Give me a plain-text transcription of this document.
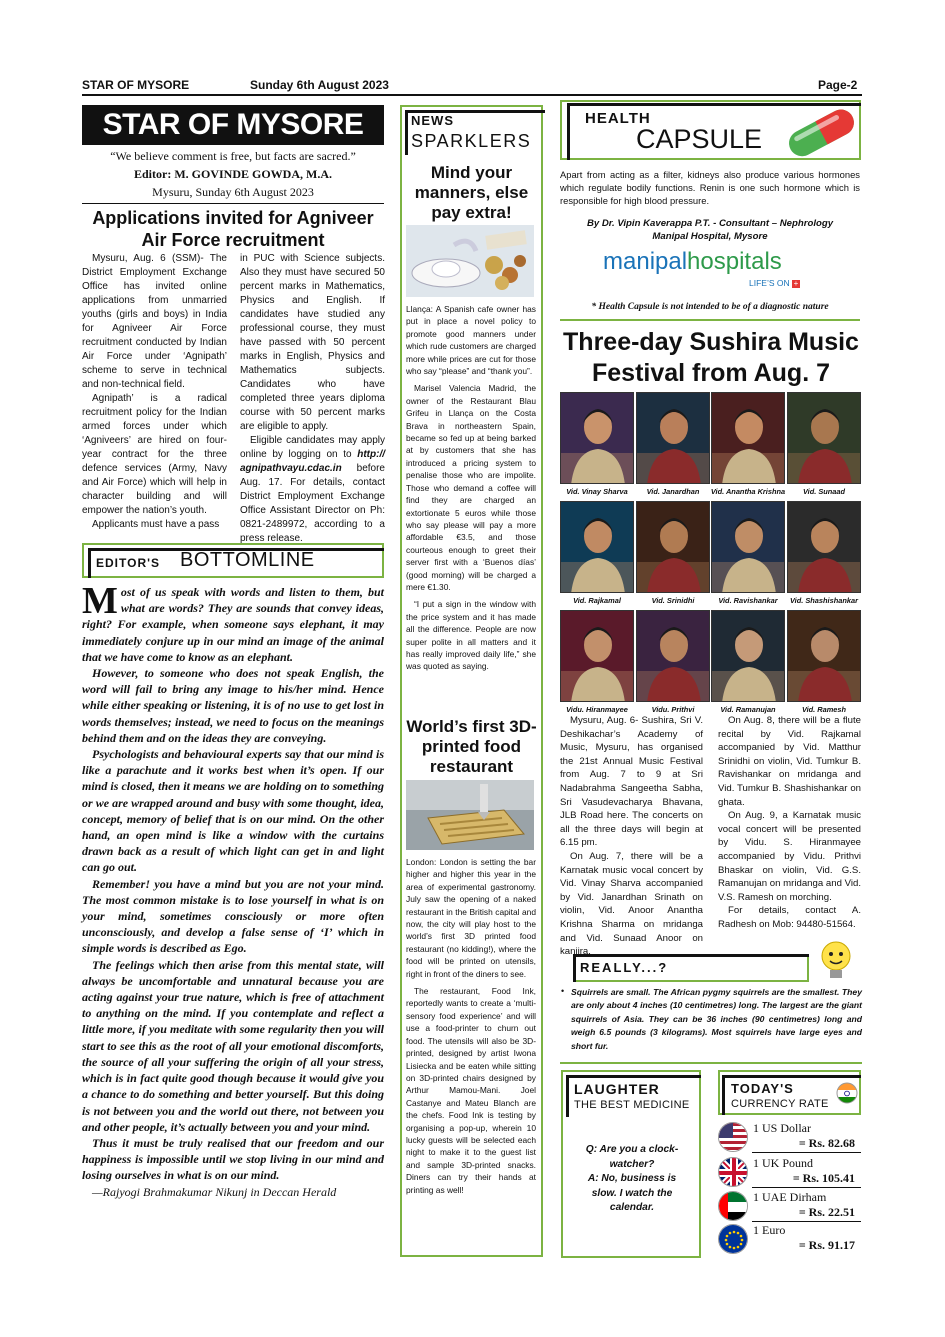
STAR OF MYSORE	Sunday 6th August 2023	Page-2
STAR OF MYSORE
“We believe comment is free, but facts are sacred.”
Editor: M. GOVINDE GOWDA, M.A.
Mysuru, Sunday 6th August 2023
Applications invited for Agniveer Air Force recruitment

Mysuru, Aug. 6 (SSM)- The District Employment Exchange Office has invited online applications from unmarried youths (girls and boys) in India for Agniveer Air Force recruitment conducted by Indian Air Force under ‘Agnipath’ scheme to serve in technical and non-technical field.

Agnipath’ is a radical recruitment policy for the Indian armed forces under which ‘Agniveers’ are hired on four-year contract for the three defence services (Army, Navy and Air Force) which will help in character building and will empower the nation’s youth.

Applicants must have a pass

in PUC with Science subjects. Also they must have secured 50 percent marks in Mathematics, Physics and English. If candidates have studied any professional course, they must have passed with 50 percent marks in English, Physics and Mathematics subjects. Candidates who have completed three years diploma course with 50 percent marks are eligible to apply.

Eligible candidates may apply online by logging on to http:// agnipathvayu.cdac.in before Aug. 17. For details, contact District Employment Exchange Office Assistant Director on Ph: 0821-2489972, according to a press release.

EDITOR'S BOTTOMLINE

Most of us speak with words and listen to them, but what are words? They are sounds that convey ideas, right? For example, when someone says elephant, it may immediately conjure up in our mind an image of the animal that we have come to know as an elephant.

However, to someone who does not speak English, the word will fail to bring any image to his/her mind. Hence while either speaking or listening, it is of no use to get lost in words themselves; instead, we need to focus on the meanings behind them and on the ideas they are conveying.

Psychologists and behavioural experts say that our mind is like a parachute and it works best when it’s open. If our mind is closed, then it means we are holding on to something or we are wrapped around and busy with some thought, idea, concept, memory of belief that is on our mind. On the other hand, an open mind is like a window with the curtains drawn back as a result of which light can get in and light can go out.

Remember! you have a mind but you are not your mind. The most common mistake is to lose yourself in what is on your mind, sometimes consciously or more often unconsciously, and develop a false sense of ‘I’ which in simple words is described as Ego.

The feelings which then arise from this mental state, will always be uncomfortable and unnatural because you are acting against your true nature, which is free of attachment to anything on the mind. If you contemplate and reflect a little more, if you meditate with some regularity then you will start to see this as the root of all your emotional discomforts, the source of all your suffering the origin of all your stress, which is in fact quite good though because it would give you a chance to do something and better yourself. But this doing is not between you and the world out there, not between you and other people, it’s actually between you and your mind.

Thus it must be truly realised that our freedom and our happiness is impossible until we stop living in our mind and losing ourselves in what is on our mind.

—Rajyogi Brahmakumar Nikunj in Deccan Herald

NEWS
SPARKLERS
Mind your manners, else pay extra!

Llança: A Spanish cafe owner has put in place a novel policy to promote good manners under which rude customers are charged more while prices are cut for those who say “please” and “thank you”.

Marisel Valencia Madrid, the owner of the Restaurant Blau Grifeu in Llança on the Costa Brava in northeastern Spain, became so fed up at being barked at by customers that she has introduced a pricing system to penalise those who are impolite. Those who demand a coffee will find they are charged an extortionate 5 euros while those who say please will pay a more affordable €3.5, and those courteous enough to greet their server first with a ‘Buenos días’ (good morning) will be charged a mere €1.30.

“I put a sign in the window with the price system and it has made all the difference. People are now super polite in all matters and it has really improved daily life,” she was quoted as saying.

World’s first 3D-printed food restaurant

London: London is setting the bar higher and higher this year in the area of experimental gastronomy. July saw the opening of a naked restaurant in the British capital and now, the city will play host to the world’s first 3D printed food restaurant (no kidding!), where the food will be printed on utensils, right in front of the diners to see.

The restaurant, Food Ink, reportedly wants to create a ‘multi-sensory food experience’ and will use a food-printer to churn out food. The utensils will also be 3D-printed, designed by artist Iwona Lisiecka and be eaten while sitting on 3D-printed chairs designed by Arthur Mamou-Mani. Joel Castanye and Mateu Blanch are the chefs. Food Ink is testing by organising a pop-up, wherein 10 lucky guests will be selected each night to make it to the guest list and sample 3D-printed snacks. Diners can try their hands at printing as well!

HEALTH
CAPSULE
Apart from acting as a filter, kidneys also produce various hormones which regulate bodily functions. Renin is one such hormone which is responsible for high blood pressure.
By Dr. Vipin Kaverappa P.T. - Consultant – Nephrology
Manipal Hospital, Mysore
manipalhospitals
LIFE’S ON +
* Health Capsule is not intended to be of a diagnostic nature
Three-day Sushira Music Festival from Aug. 7
Vid. Vinay Sharva	Vid. Janardhan	Vid. Anantha Krishna	Vid. Sunaad
Vid. Rajkamal	Vid. Srinidhi	Vid. Ravishankar	Vid. Shashishankar
Vidu. Hiranmayee	Vidu. Prithvi	Vid. Ramanujan	Vid. Ramesh

Mysuru, Aug. 6- Sushira, Sri V. Deshikachar’s Academy of Music, Mysuru, has organised the 21st Annual Music Festival from Aug. 7 to 9 at Sri Nadabrahma Sangeetha Sabha, Sri Vasudevacharya Bhavana, JLB Road here. The concerts on all the three days will begin at 6.15 pm.

On Aug. 7, there will be a Karnatak music vocal concert by Vid. Vinay Sharva accompanied by Vid. Janardhan Srinath on violin, Vid. Anoor Anantha Krishna Sharma on mridanga and Vid. Sunaad Anoor on kanjira.

On Aug. 8, there will be a flute recital by Vid. Rajkamal accompanied by Vid. Matthur Srinidhi on violin, Vid. Tumkur B. Ravishankar on mridanga and Vid. Tumkur B. Shashishankar on ghata.

On Aug. 9, a Karnatak music vocal concert will be presented by Vidu. S. Hiranmayee accompanied by Vidu. Prithvi Bhaskar on violin, Vid. G.S. Ramanujan on mridanga and Vid. V.S. Ramesh on morching.

For details, contact A. Radhesh on Mob: 94480-51564.

REALLY...?
• Squirrels are small. The African pygmy squirrels are the smallest. They are only about 4 inches (10 centimetres) long. The largest are the giant squirrels of Asia. They can be 36 inches (90 centimetres) long and weigh 6.5 pounds (3 kilograms). Most squirrels have large eyes and short fur.
LAUGHTER
THE BEST MEDICINE
Q: Are you a clock-watcher?
A: No, business is slow. I watch the calendar.
TODAY'S
CURRENCY RATE
1 US Dollar
= Rs. 82.68
1 UK Pound
= Rs. 105.41
1 UAE Dirham
= Rs. 22.51
1 Euro
= Rs. 91.17
